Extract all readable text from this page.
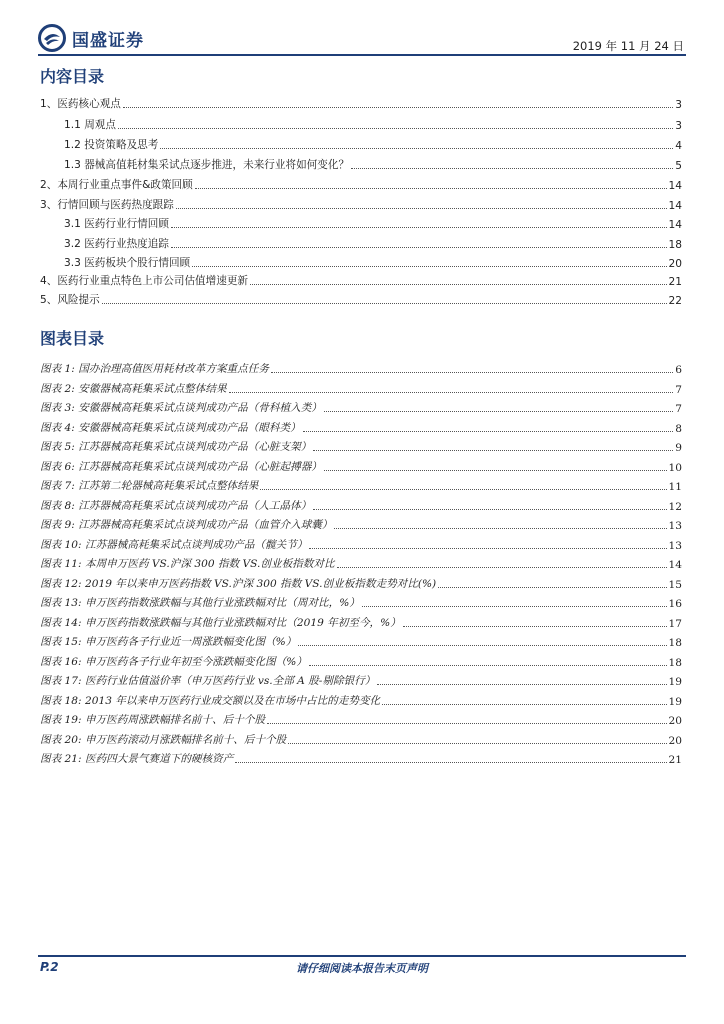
国盛证券	2019 年 11 月 24 日
内容目录
1、医药核心观点	3
1.1 周观点	3
1.2 投资策略及思考	4
1.3 器械高值耗材集采试点逐步推进，未来行业将如何变化？	5
2、本周行业重点事件&政策回顾	14
3、行情回顾与医药热度跟踪	14
3.1 医药行业行情回顾	14
3.2 医药行业热度追踪	18
3.3 医药板块个股行情回顾	20
4、医药行业重点特色上市公司估值增速更新	21
5、风险提示	22
图表目录
图表 1: 国办治理高值医用耗材改革方案重点任务	6
图表 2: 安徽器械高耗集采试点整体结果	7
图表 3: 安徽器械高耗集采试点谈判成功产品（骨科植入类）	7
图表 4: 安徽器械高耗集采试点谈判成功产品（眼科类）	8
图表 5: 江苏器械高耗集采试点谈判成功产品（心脏支架）	9
图表 6: 江苏器械高耗集采试点谈判成功产品（心脏起搏器）	10
图表 7: 江苏第二轮器械高耗集采试点整体结果	11
图表 8: 江苏器械高耗集采试点谈判成功产品（人工晶体）	12
图表 9: 江苏器械高耗集采试点谈判成功产品（血管介入球囊）	13
图表 10: 江苏器械高耗集采试点谈判成功产品（髋关节）	13
图表 11: 本周申万医药 VS.沪深 300 指数 VS.创业板指数对比	14
图表 12: 2019 年以来申万医药指数 VS.沪深 300 指数 VS.创业板指数走势对比(%)	15
图表 13: 申万医药指数涨跌幅与其他行业涨跌幅对比（周对比，%）	16
图表 14: 申万医药指数涨跌幅与其他行业涨跌幅对比（2019 年初至今，%）	17
图表 15: 申万医药各子行业近一周涨跌幅变化图（%）	18
图表 16: 申万医药各子行业年初至今涨跌幅变化图（%）	18
图表 17: 医药行业估值溢价率（申万医药行业 vs.全部 A 股-剔除银行）	19
图表 18: 2013 年以来申万医药行业成交额以及在市场中占比的走势变化	19
图表 19: 申万医药周涨跌幅排名前十、后十个股	20
图表 20: 申万医药滚动月涨跌幅排名前十、后十个股	20
图表 21: 医药四大景气赛道下的硬核资产	21
P.2	请仔细阅读本报告末页声明
